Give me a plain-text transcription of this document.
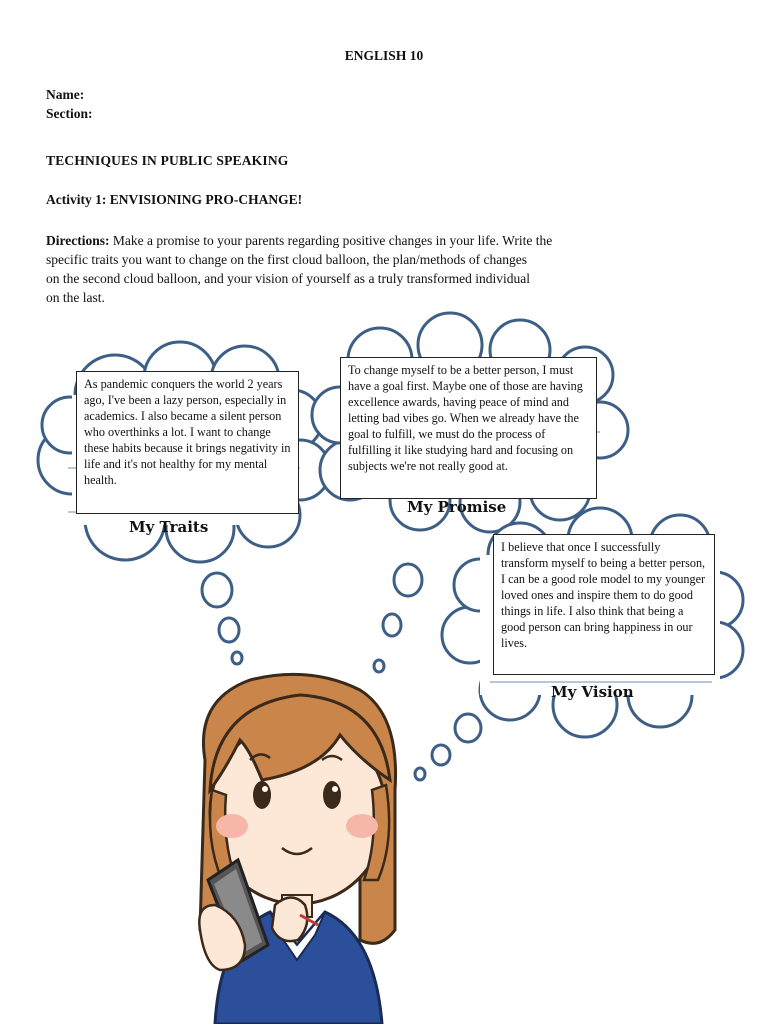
ENGLISH 10
Name:
Section:
TECHNIQUES IN PUBLIC SPEAKING
Activity 1: ENVISIONING PRO-CHANGE!
Directions: Make a promise to your parents regarding positive changes in your life. Write the
specific traits you want to change on the first cloud balloon, the plan/methods of changes
on the second cloud balloon, and your vision of yourself as a truly transformed individual
on the last.
As pandemic conquers the world 2 years ago, I've been a lazy person, especially in academics. I also became a silent person who overthinks a lot. I want to change these habits because it brings negativity in life and it's not healthy for my mental health.
My Traits
To change myself to be a better person, I must have a goal first. Maybe one of those are having excellence awards, having peace of mind and letting bad vibes go. When we already have the goal to fulfill, we must do the process of fulfilling it like studying hard and focusing on subjects we're not really good at.
My Promise
I believe that once I successfully transform myself to being a better person, I can be a good role model to my younger loved ones and inspire them to do good things in life. I also think that being a good person can bring happiness in our lives.
My Vision
